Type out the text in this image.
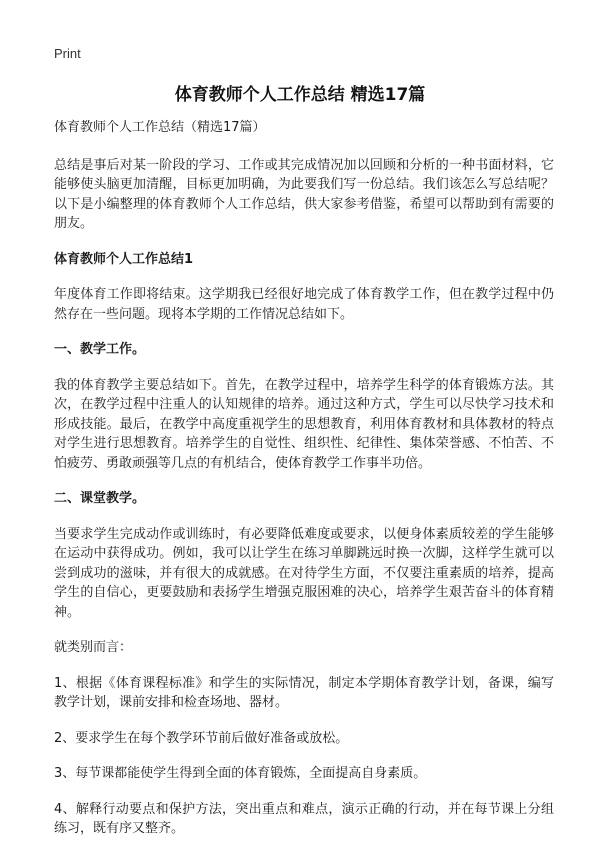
Print
体育教师个人工作总结 精选17篇

体育教师个人工作总结（精选17篇）

总结是事后对某一阶段的学习、工作或其完成情况加以回顾和分析的一种书面材料，它能够使头脑更加清醒，目标更加明确，为此要我们写一份总结。我们该怎么写总结呢？以下是小编整理的体育教师个人工作总结，供大家参考借鉴，希望可以帮助到有需要的朋友。

体育教师个人工作总结1

年度体育工作即将结束。这学期我已经很好地完成了体育教学工作，但在教学过程中仍然存在一些问题。现将本学期的工作情况总结如下。

一、教学工作。

我的体育教学主要总结如下。首先，在教学过程中，培养学生科学的体育锻炼方法。其次，在教学过程中注重人的认知规律的培养。通过这种方式，学生可以尽快学习技术和形成技能。最后，在教学中高度重视学生的思想教育，利用体育教材和具体教材的特点对学生进行思想教育。培养学生的自觉性、组织性、纪律性、集体荣誉感、不怕苦、不怕疲劳、勇敢顽强等几点的有机结合，使体育教学工作事半功倍。

二、课堂教学。

当要求学生完成动作或训练时，有必要降低难度或要求，以便身体素质较差的学生能够在运动中获得成功。例如，我可以让学生在练习单脚跳远时换一次脚，这样学生就可以尝到成功的滋味，并有很大的成就感。在对待学生方面，不仅要注重素质的培养，提高学生的自信心，更要鼓励和表扬学生增强克服困难的决心，培养学生艰苦奋斗的体育精神。

就类别而言：

1、根据《体育课程标准》和学生的实际情况，制定本学期体育教学计划，备课，编写教学计划，课前安排和检查场地、器材。

2、要求学生在每个教学环节前后做好准备或放松。

3、每节课都能使学生得到全面的体育锻炼，全面提高自身素质。

4、解释行动要点和保护方法，突出重点和难点，演示正确的行动，并在每节课上分组练习，既有序又整齐。
